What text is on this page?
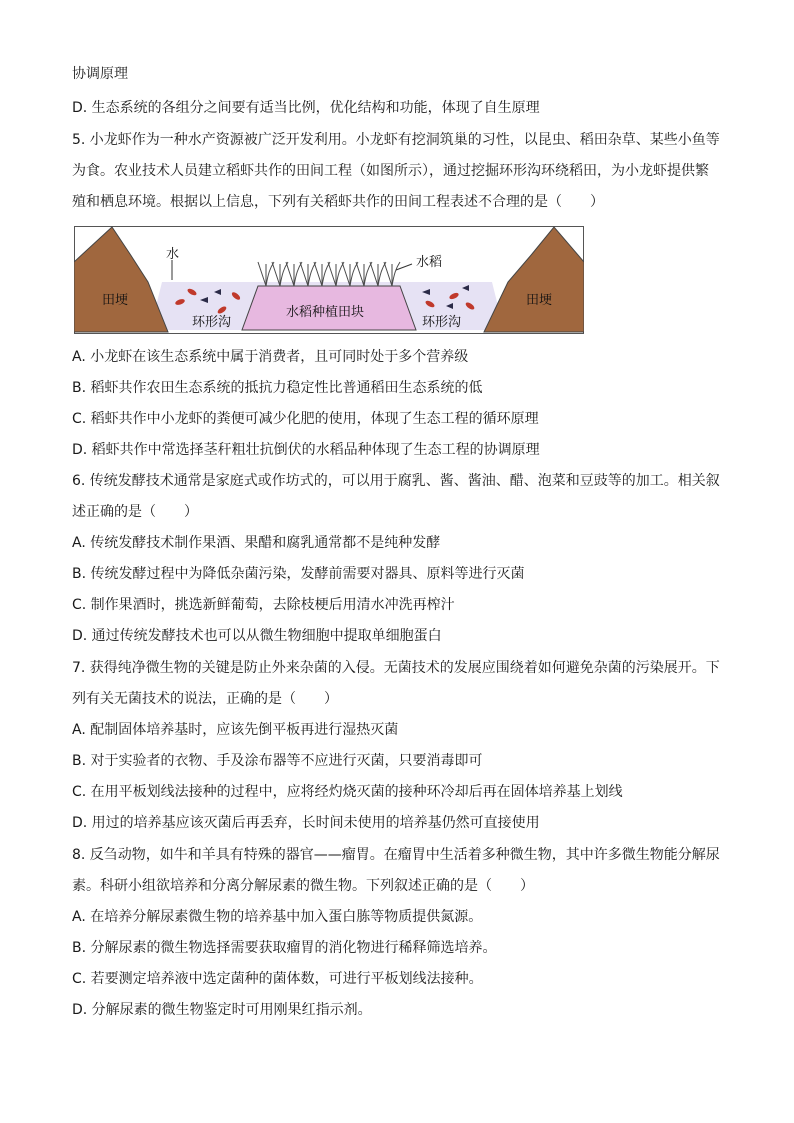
协调原理
D. 生态系统的各组分之间要有适当比例，优化结构和功能，体现了自生原理
5. 小龙虾作为一种水产资源被广泛开发利用。小龙虾有挖洞筑巢的习性，以昆虫、稻田杂草、某些小鱼等
为食。农业技术人员建立稻虾共作的田间工程（如图所示），通过挖掘环形沟环绕稻田，为小龙虾提供繁
殖和栖息环境。根据以上信息，下列有关稻虾共作的田间工程表述不合理的是（　　）
田埂	田埂
水
水稻
水稻种植田块
环形沟	环形沟
A. 小龙虾在该生态系统中属于消费者，且可同时处于多个营养级
B. 稻虾共作农田生态系统的抵抗力稳定性比普通稻田生态系统的低
C. 稻虾共作中小龙虾的粪便可减少化肥的使用，体现了生态工程的循环原理
D. 稻虾共作中常选择茎秆粗壮抗倒伏的水稻品种体现了生态工程的协调原理
6. 传统发酵技术通常是家庭式或作坊式的，可以用于腐乳、酱、酱油、醋、泡菜和豆豉等的加工。相关叙
述正确的是（　　）
A. 传统发酵技术制作果酒、果醋和腐乳通常都不是纯种发酵
B. 传统发酵过程中为降低杂菌污染，发酵前需要对器具、原料等进行灭菌
C. 制作果酒时，挑选新鲜葡萄，去除枝梗后用清水冲洗再榨汁
D. 通过传统发酵技术也可以从微生物细胞中提取单细胞蛋白
7. 获得纯净微生物的关键是防止外来杂菌的入侵。无菌技术的发展应围绕着如何避免杂菌的污染展开。下
列有关无菌技术的说法，正确的是（　　）
A. 配制固体培养基时，应该先倒平板再进行湿热灭菌
B. 对于实验者的衣物、手及涂布器等不应进行灭菌，只要消毒即可
C. 在用平板划线法接种的过程中，应将经灼烧灭菌的接种环冷却后再在固体培养基上划线
D. 用过的培养基应该灭菌后再丢弃，长时间未使用的培养基仍然可直接使用
8. 反刍动物，如牛和羊具有特殊的器官——瘤胃。在瘤胃中生活着多种微生物，其中许多微生物能分解尿
素。科研小组欲培养和分离分解尿素的微生物。下列叙述正确的是（　　）
A. 在培养分解尿素微生物的培养基中加入蛋白胨等物质提供氮源。
B. 分解尿素的微生物选择需要获取瘤胃的消化物进行稀释筛选培养。
C. 若要测定培养液中选定菌种的菌体数，可进行平板划线法接种。
D. 分解尿素的微生物鉴定时可用刚果红指示剂。
